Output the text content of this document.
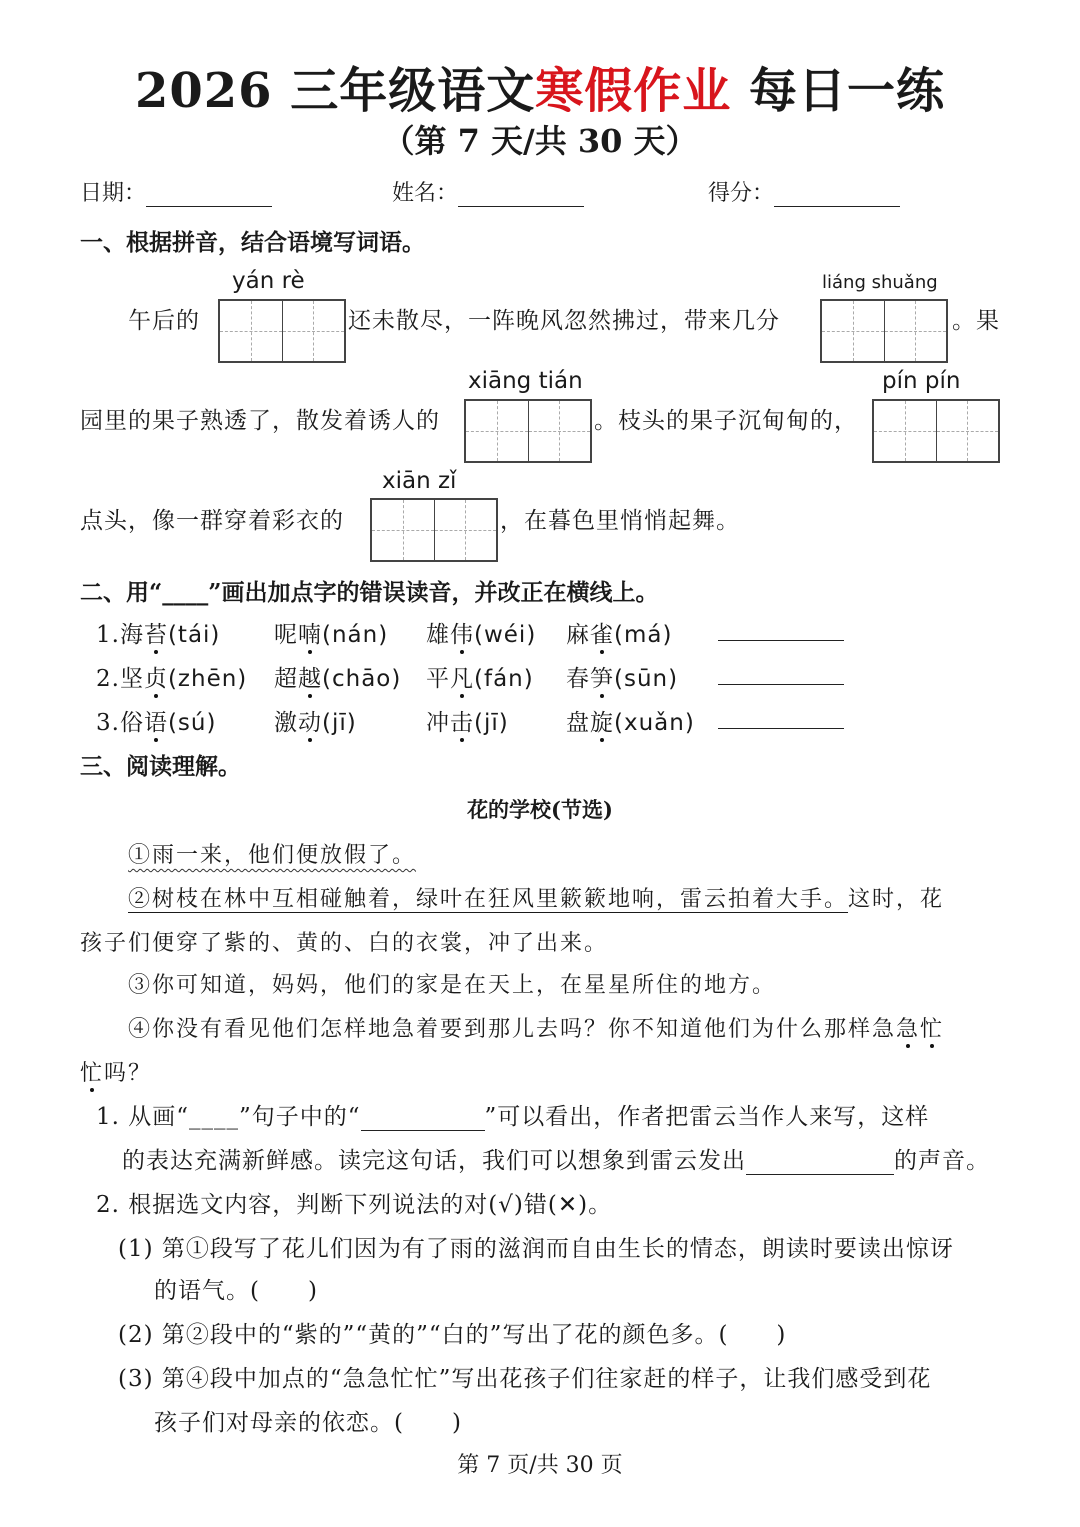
2026 三年级语文寒假作业 每日一练
（第 7 天/共 30 天）
日期：	姓名：	得分：
一、根据拼音，结合语境写词语。
yán rè	liáng shuǎng
午后的	还未散尽，一阵晚风忽然拂过，带来几分	。果
xiāng tián	pín pín
园里的果子熟透了，散发着诱人的	。枝头的果子沉甸甸的，
xiān zǐ
点头，像一群穿着彩衣的	，在暮色里悄悄起舞。
二、用“____”画出加点字的错误读音，并改正在横线上。
1.海苔(tái) 呢喃(nán) 雄伟(wéi) 麻雀(má)
2.坚贞(zhēn) 超越(chāo) 平凡(fán) 春笋(sūn)
3.俗语(sú)	激动(jī)	冲击(jī) 盘旋(xuǎn)
三、阅读理解。
花的学校(节选)
①雨一来，他们便放假了。
②树枝在林中互相碰触着，绿叶在狂风里簌簌地响，雷云拍着大手。这时，花
孩子们便穿了紫的、黄的、白的衣裳，冲了出来。
③你可知道，妈妈，他们的家是在天上，在星星所住的地方。
④你没有看见他们怎样地急着要到那儿去吗？你不知道他们为什么那样急急忙
忙吗？
1. 从画“____”句子中的“	”可以看出，作者把雷云当作人来写，这样
的表达充满新鲜感。读完这句话，我们可以想象到雷云发出	的声音。
2. 根据选文内容，判断下列说法的对(√)错(✕)。
(1) 第①段写了花儿们因为有了雨的滋润而自由生长的情态，朗读时要读出惊讶
的语气。(　　)
(2) 第②段中的“紫的”“黄的”“白的”写出了花的颜色多。(　　)
(3) 第④段中加点的“急急忙忙”写出花孩子们往家赶的样子，让我们感受到花
孩子们对母亲的依恋。(　　)
第 7 页/共 30 页
